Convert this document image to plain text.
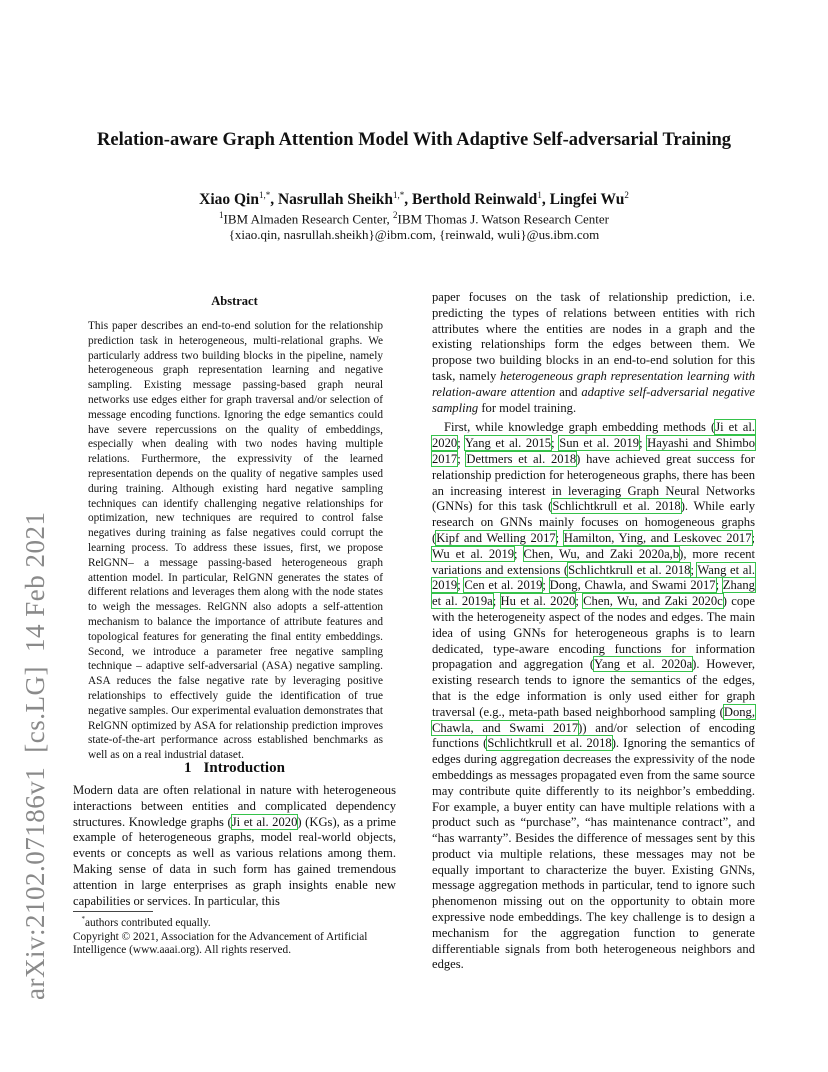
arXiv:2102.07186v1[cs.LG]14 Feb 2021
Relation-aware Graph Attention Model With Adaptive Self-adversarial Training
Xiao Qin$^{1,*}$, Nasrullah Sheikh$^{1,*}$, Berthold Reinwald$^1$, Lingfei Wu$^2$
$^1$IBM Almaden Research Center, $^2$IBM Thomas J. Watson Research Center
{xiao.qin, nasrullah.sheikh}@ibm.com, {reinwald, wuli}@us.ibm.com
Abstract
This paper describes an end-to-end solution for the relationship prediction task in heterogeneous, multi-relational graphs. We particularly address two building blocks in the pipeline, namely heterogeneous graph representation learning and negative sampling. Existing message passing-based graph neural networks use edges either for graph traversal and/or selection of message encoding functions. Ignoring the edge semantics could have severe repercussions on the quality of embeddings, especially when dealing with two nodes having multiple relations. Furthermore, the expressivity of the learned representation depends on the quality of negative samples used during training. Although existing hard negative sampling techniques can identify challenging negative relationships for optimization, new techniques are required to control false negatives during training as false negatives could corrupt the learning process. To address these issues, first, we propose RelGNN– a message passing-based heterogeneous graph attention model. In particular, RelGNN generates the states of different relations and leverages them along with the node states to weigh the messages. RelGNN also adopts a self-attention mechanism to balance the importance of attribute features and topological features for generating the final entity embeddings. Second, we introduce a parameter free negative sampling technique – adaptive self-adversarial (ASA) negative sampling. ASA reduces the false negative rate by leveraging positive relationships to effectively guide the identification of true negative samples. Our experimental evaluation demonstrates that RelGNN optimized by ASA for relationship prediction improves state-of-the-art performance across established benchmarks as well as on a real industrial dataset.
1 Introduction

Modern data are often relational in nature with heterogeneous interactions between entities and complicated dependency structures. Knowledge graphs (Ji et al. 2020) (KGs), as a prime example of heterogeneous graphs, model real-world objects, events or concepts as well as various relations among them. Making sense of data in such form has gained tremendous attention in large enterprises as graph insights enable new capabilities or services. In particular, this

*authors contributed equally.

Copyright © 2021, Association for the Advancement of Artificial Intelligence (www.aaai.org). All rights reserved.

paper focuses on the task of relationship prediction, i.e. predicting the types of relations between entities with rich attributes where the entities are nodes in a graph and the existing relationships form the edges between them. We propose two building blocks in an end-to-end solution for this task, namely heterogeneous graph representation learning with relation-aware attention and adaptive self-adversarial negative sampling for model training.

First, while knowledge graph embedding methods (Ji et al. 2020; Yang et al. 2015; Sun et al. 2019; Hayashi and Shimbo 2017; Dettmers et al. 2018) have achieved great success for relationship prediction for heterogeneous graphs, there has been an increasing interest in leveraging Graph Neural Networks (GNNs) for this task (Schlichtkrull et al. 2018). While early research on GNNs mainly focuses on homogeneous graphs (Kipf and Welling 2017; Hamilton, Ying, and Leskovec 2017; Wu et al. 2019; Chen, Wu, and Zaki 2020a,b), more recent variations and extensions (Schlichtkrull et al. 2018; Wang et al. 2019; Cen et al. 2019; Dong, Chawla, and Swami 2017; Zhang et al. 2019a; Hu et al. 2020; Chen, Wu, and Zaki 2020c) cope with the heterogeneity aspect of the nodes and edges. The main idea of using GNNs for heterogeneous graphs is to learn dedicated, type-aware encoding functions for information propagation and aggregation (Yang et al. 2020a). However, existing research tends to ignore the semantics of the edges, that is the edge information is only used either for graph traversal (e.g., meta-path based neighborhood sampling (Dong, Chawla, and Swami 2017)) and/or selection of encoding functions (Schlichtkrull et al. 2018). Ignoring the semantics of edges during aggregation decreases the expressivity of the node embeddings as messages propagated even from the same source may contribute quite differently to its neighbor’s embedding. For example, a buyer entity can have multiple relations with a product such as “purchase”, “has maintenance contract”, and “has warranty”. Besides the difference of messages sent by this product via multiple relations, these messages may not be equally important to characterize the buyer. Existing GNNs, message aggregation methods in particular, tend to ignore such phenomenon missing out on the opportunity to obtain more expressive node embeddings. The key challenge is to design a mechanism for the aggregation function to generate differentiable signals from both heterogeneous neighbors and edges.
